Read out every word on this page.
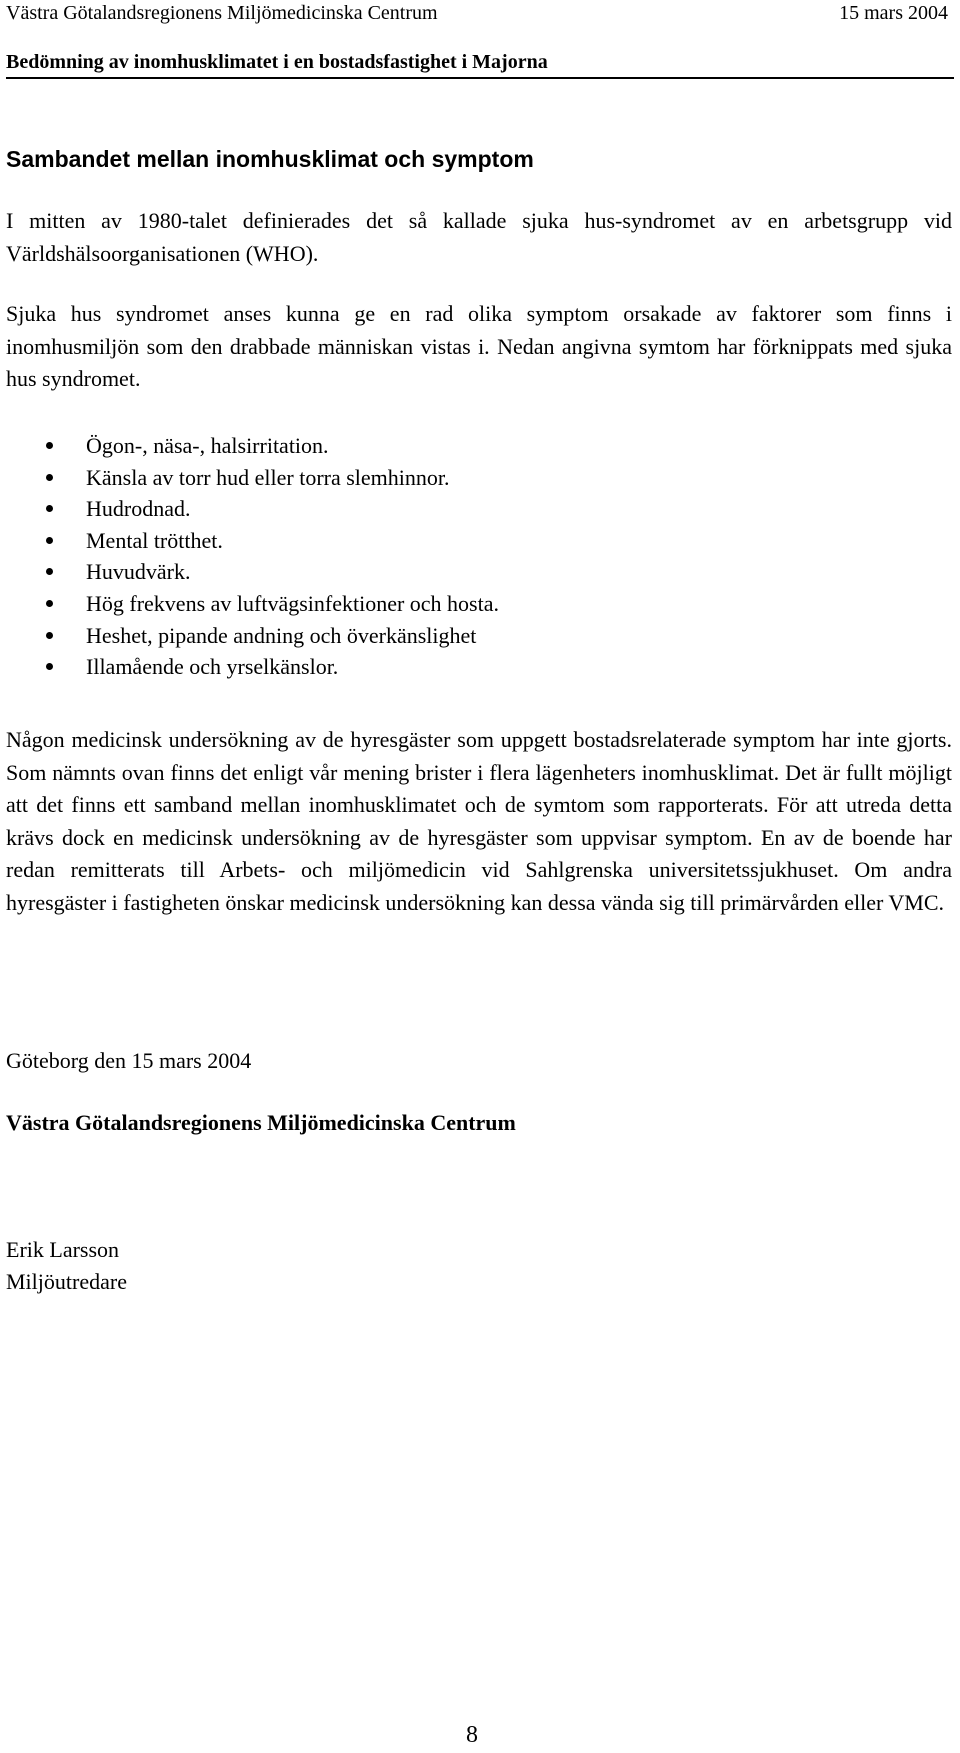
Västra Götalandsregionens Miljömedicinska Centrum	15 mars 2004
Bedömning av inomhusklimatet i en bostadsfastighet i Majorna
Sambandet mellan inomhusklimat och symptom

I mitten av 1980-talet definierades det så kallade sjuka hus-syndromet av en arbetsgrupp vid Världshälsoorganisationen (WHO).

Sjuka hus syndromet anses kunna ge en rad olika symptom orsakade av faktorer som finns i inomhusmiljön som den drabbade människan vistas i. Nedan angivna symtom har förknippats med sjuka hus syndromet.

Ögon-, näsa-, halsirritation.
Känsla av torr hud eller torra slemhinnor.
Hudrodnad.
Mental trötthet.
Huvudvärk.
Hög frekvens av luftvägsinfektioner och hosta.
Heshet, pipande andning och överkänslighet
Illamående och yrselkänslor.

Någon medicinsk undersökning av de hyresgäster som uppgett bostadsrelaterade symptom har inte gjorts. Som nämnts ovan finns det enligt vår mening brister i flera lägenheters inomhusklimat. Det är fullt möjligt att det finns ett samband mellan inomhusklimatet och de symtom som rapporterats. För att utreda detta krävs dock en medicinsk undersökning av de hyresgäster som uppvisar symptom. En av de boende har redan remitterats till Arbets- och miljömedicin vid Sahlgrenska universitetssjukhuset. Om andra hyresgäster i fastigheten önskar medicinsk undersökning kan dessa vända sig till primärvården eller VMC.

Göteborg den 15 mars 2004
Västra Götalandsregionens Miljömedicinska Centrum
Erik Larsson
Miljöutredare
8
